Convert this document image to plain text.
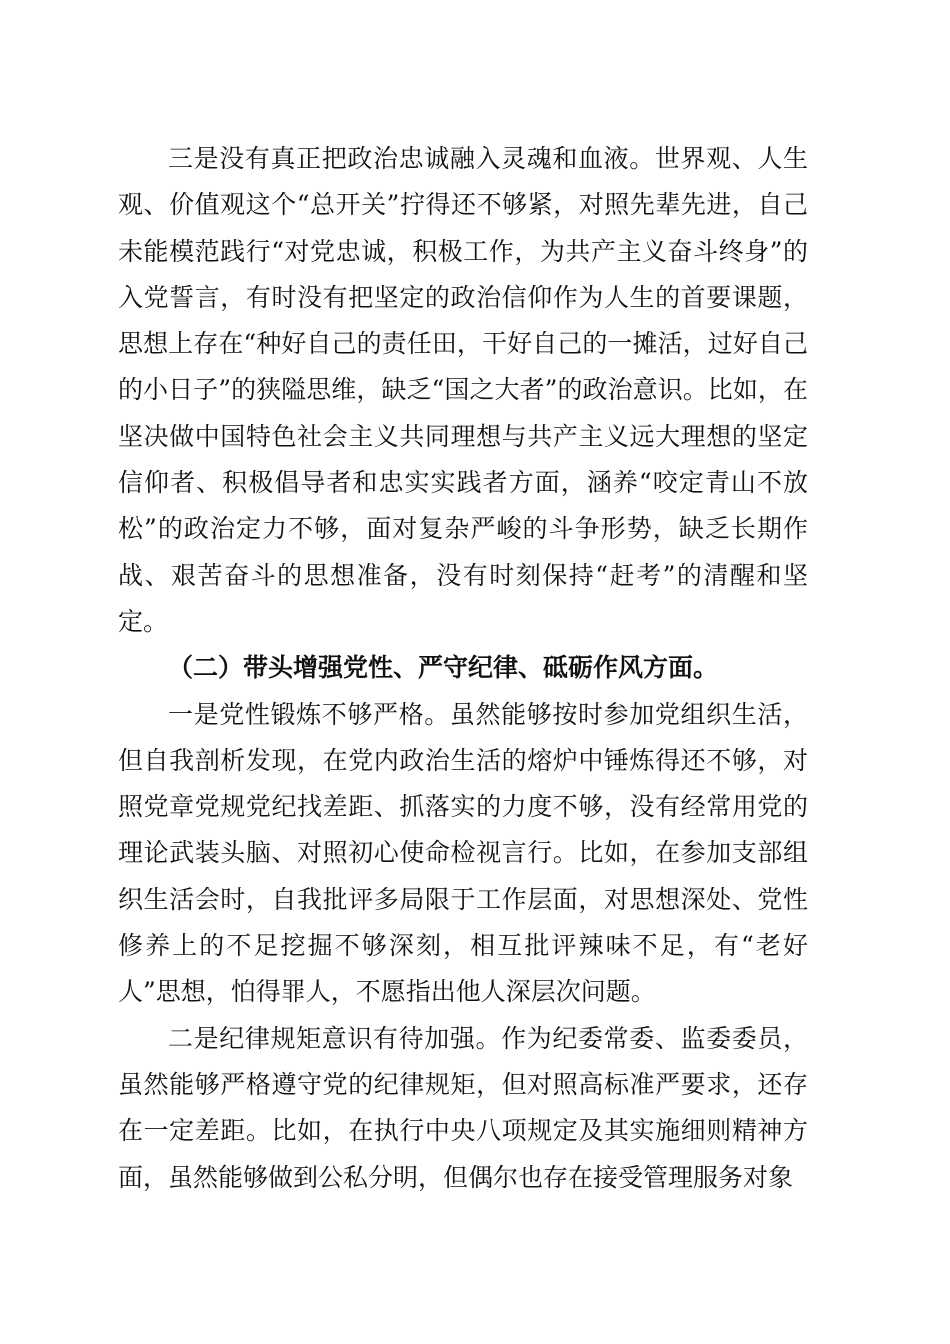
三是没有真正把政治忠诚融入灵魂和血液。世界观、人生观、价值观这个“总开关”拧得还不够紧，对照先辈先进，自己未能模范践行“对党忠诚，积极工作，为共产主义奋斗终身”的入党誓言，有时没有把坚定的政治信仰作为人生的首要课题，思想上存在“种好自己的责任田，干好自己的一摊活，过好自己的小日子”的狭隘思维，缺乏“国之大者”的政治意识。比如，在坚决做中国特色社会主义共同理想与共产主义远大理想的坚定信仰者、积极倡导者和忠实实践者方面，涵养“咬定青山不放松”的政治定力不够，面对复杂严峻的斗争形势，缺乏长期作战、艰苦奋斗的思想准备，没有时刻保持“赶考”的清醒和坚定。

（二）带头增强党性、严守纪律、砥砺作风方面。

一是党性锻炼不够严格。虽然能够按时参加党组织生活，但自我剖析发现，在党内政治生活的熔炉中锤炼得还不够，对照党章党规党纪找差距、抓落实的力度不够，没有经常用党的理论武装头脑、对照初心使命检视言行。比如，在参加支部组织生活会时，自我批评多局限于工作层面，对思想深处、党性修养上的不足挖掘不够深刻，相互批评辣味不足，有“老好人”思想，怕得罪人，不愿指出他人深层次问题。

二是纪律规矩意识有待加强。作为纪委常委、监委委员，虽然能够严格遵守党的纪律规矩，但对照高标准严要求，还存在一定差距。比如，在执行中央八项规定及其实施细则精神方面，虽然能够做到公私分明，但偶尔也存在接受管理服务对象
